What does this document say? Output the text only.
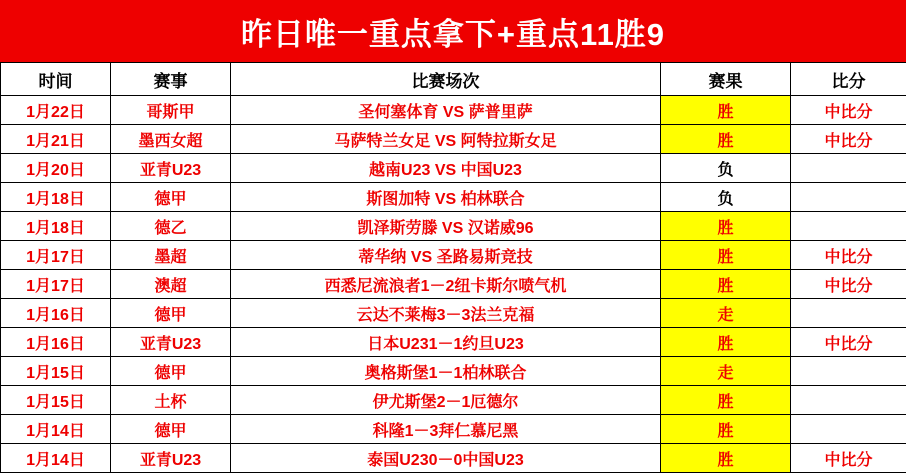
昨日唯一重点拿下+重点11胜9
时间	赛事	比赛场次	赛果	比分
1月22日	哥斯甲	圣何塞体育 VS 萨普里萨	胜	中比分
1月21日	墨西女超	马萨特兰女足 VS 阿特拉斯女足	胜	中比分
1月20日	亚青U23	越南U23 VS 中国U23	负	
1月18日	德甲	斯图加特 VS 柏林联合	负	
1月18日	德乙	凯泽斯劳滕 VS 汉诺威96	胜	
1月17日	墨超	蒂华纳 VS 圣路易斯竞技	胜	中比分
1月17日	澳超	西悉尼流浪者1－2纽卡斯尔喷气机	胜	中比分
1月16日	德甲	云达不莱梅3－3法兰克福	走	
1月16日	亚青U23	日本U231－1约旦U23	胜	中比分
1月15日	德甲	奥格斯堡1－1柏林联合	走	
1月15日	土杯	伊尤斯堡2－1厄德尔	胜	
1月14日	德甲	科隆1－3拜仁慕尼黑	胜	
1月14日	亚青U23	泰国U230－0中国U23	胜	中比分
